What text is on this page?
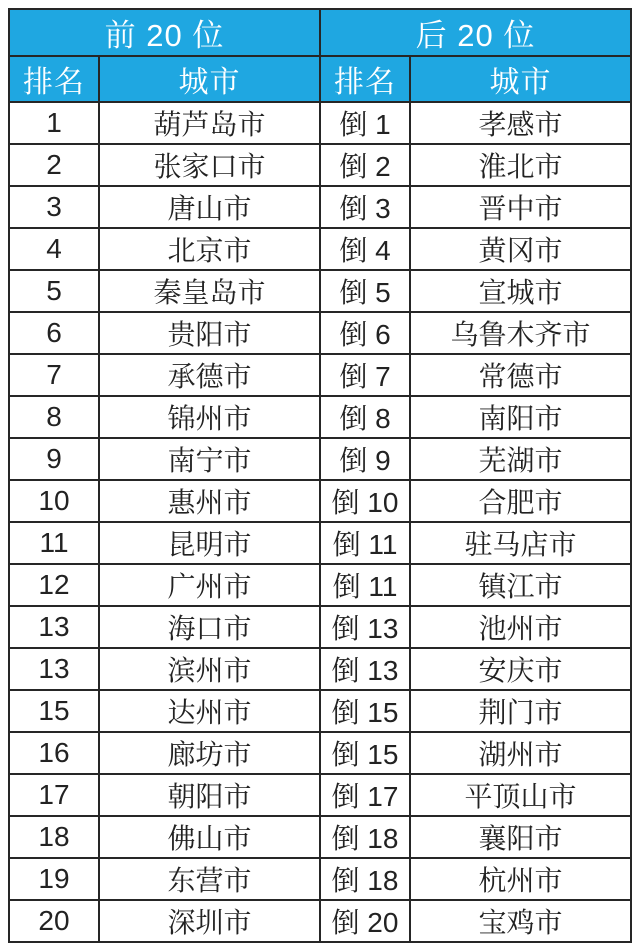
前 20 位		后 20 位	
排名	城市	排名	城市
1	葫芦岛市	倒 1	孝感市
2	张家口市	倒 2	淮北市
3	唐山市	倒 3	晋中市
4	北京市	倒 4	黄冈市
5	秦皇岛市	倒 5	宣城市
6	贵阳市	倒 6	乌鲁木齐市
7	承德市	倒 7	常德市
8	锦州市	倒 8	南阳市
9	南宁市	倒 9	芜湖市
10	惠州市	倒 10	合肥市
11	昆明市	倒 11	驻马店市
12	广州市	倒 11	镇江市
13	海口市	倒 13	池州市
13	滨州市	倒 13	安庆市
15	达州市	倒 15	荆门市
16	廊坊市	倒 15	湖州市
17	朝阳市	倒 17	平顶山市
18	佛山市	倒 18	襄阳市
19	东营市	倒 18	杭州市
20	深圳市	倒 20	宝鸡市
